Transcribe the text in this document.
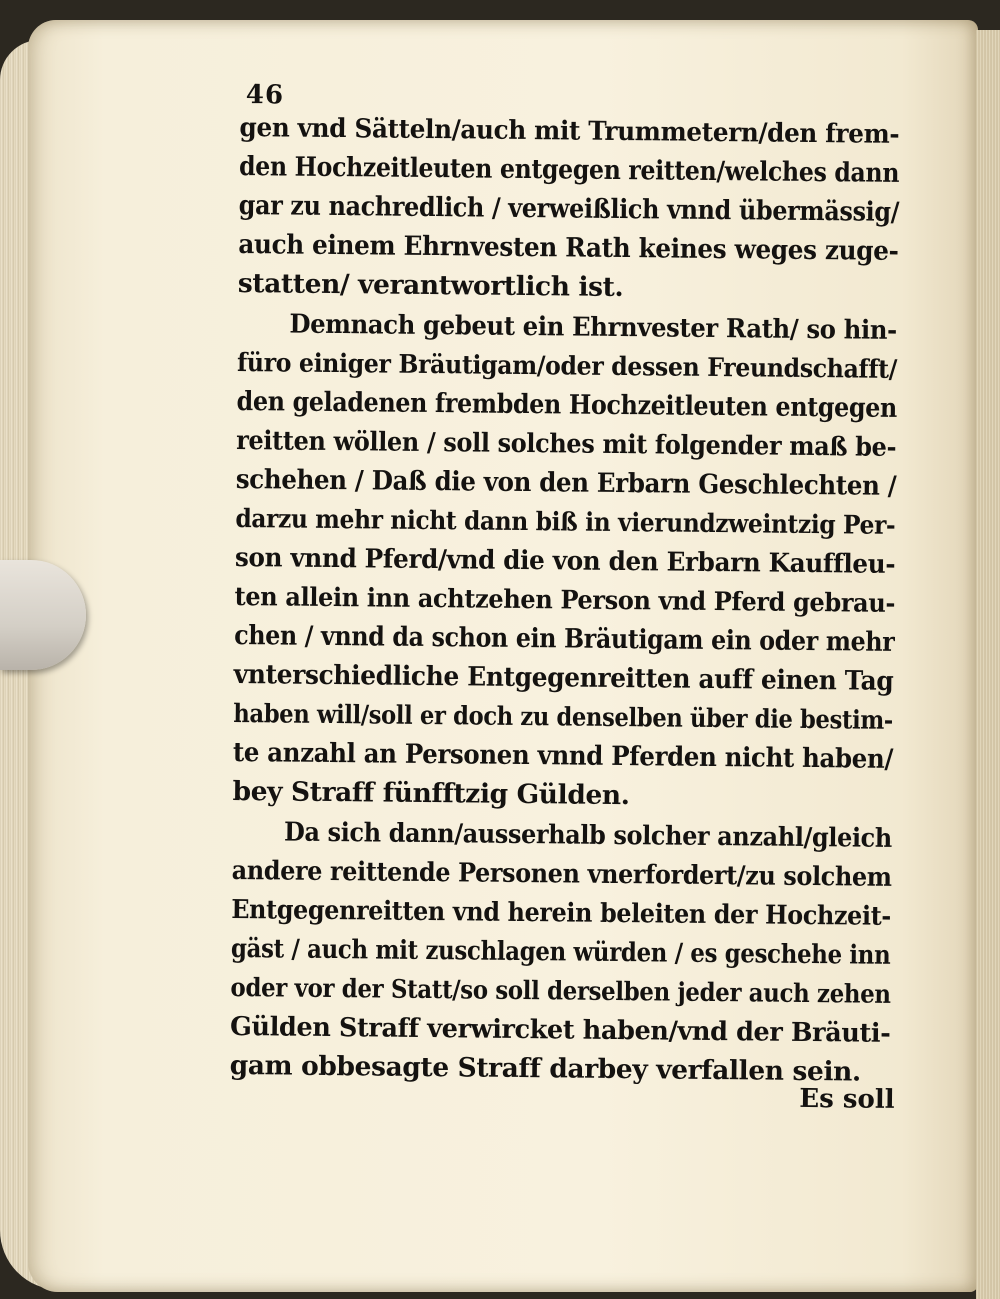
46
gen vnd Sätteln/auch mit Trummetern/den frem-
den Hochzeitleuten entgegen reitten/welches dann
gar zu nachredlich / verweißlich vnnd übermässig/
auch einem Ehrnvesten Rath keines weges zuge-
statten/ verantwortlich ist.
Demnach gebeut ein Ehrnvester Rath/ so hin-
füro einiger Bräutigam/oder dessen Freundschafft/
den geladenen frembden Hochzeitleuten entgegen
reitten wöllen / soll solches mit folgender maß be-
schehen / Daß die von den Erbarn Geschlechten /
darzu mehr nicht dann biß in vierundzweintzig Per-
son vnnd Pferd/vnd die von den Erbarn Kauffleu-
ten allein inn achtzehen Person vnd Pferd gebrau-
chen / vnnd da schon ein Bräutigam ein oder mehr
vnterschiedliche Entgegenreitten auff einen Tag
haben will/soll er doch zu denselben über die bestim-
te anzahl an Personen vnnd Pferden nicht haben/
bey Straff fünfftzig Gülden.
Da sich dann/ausserhalb solcher anzahl/gleich
andere reittende Personen vnerfordert/zu solchem
Entgegenreitten vnd herein beleiten der Hochzeit-
gäst / auch mit zuschlagen würden / es geschehe inn
oder vor der Statt/so soll derselben jeder auch zehen
Gülden Straff verwircket haben/vnd der Bräuti-
gam obbesagte Straff darbey verfallen sein.
Es soll
